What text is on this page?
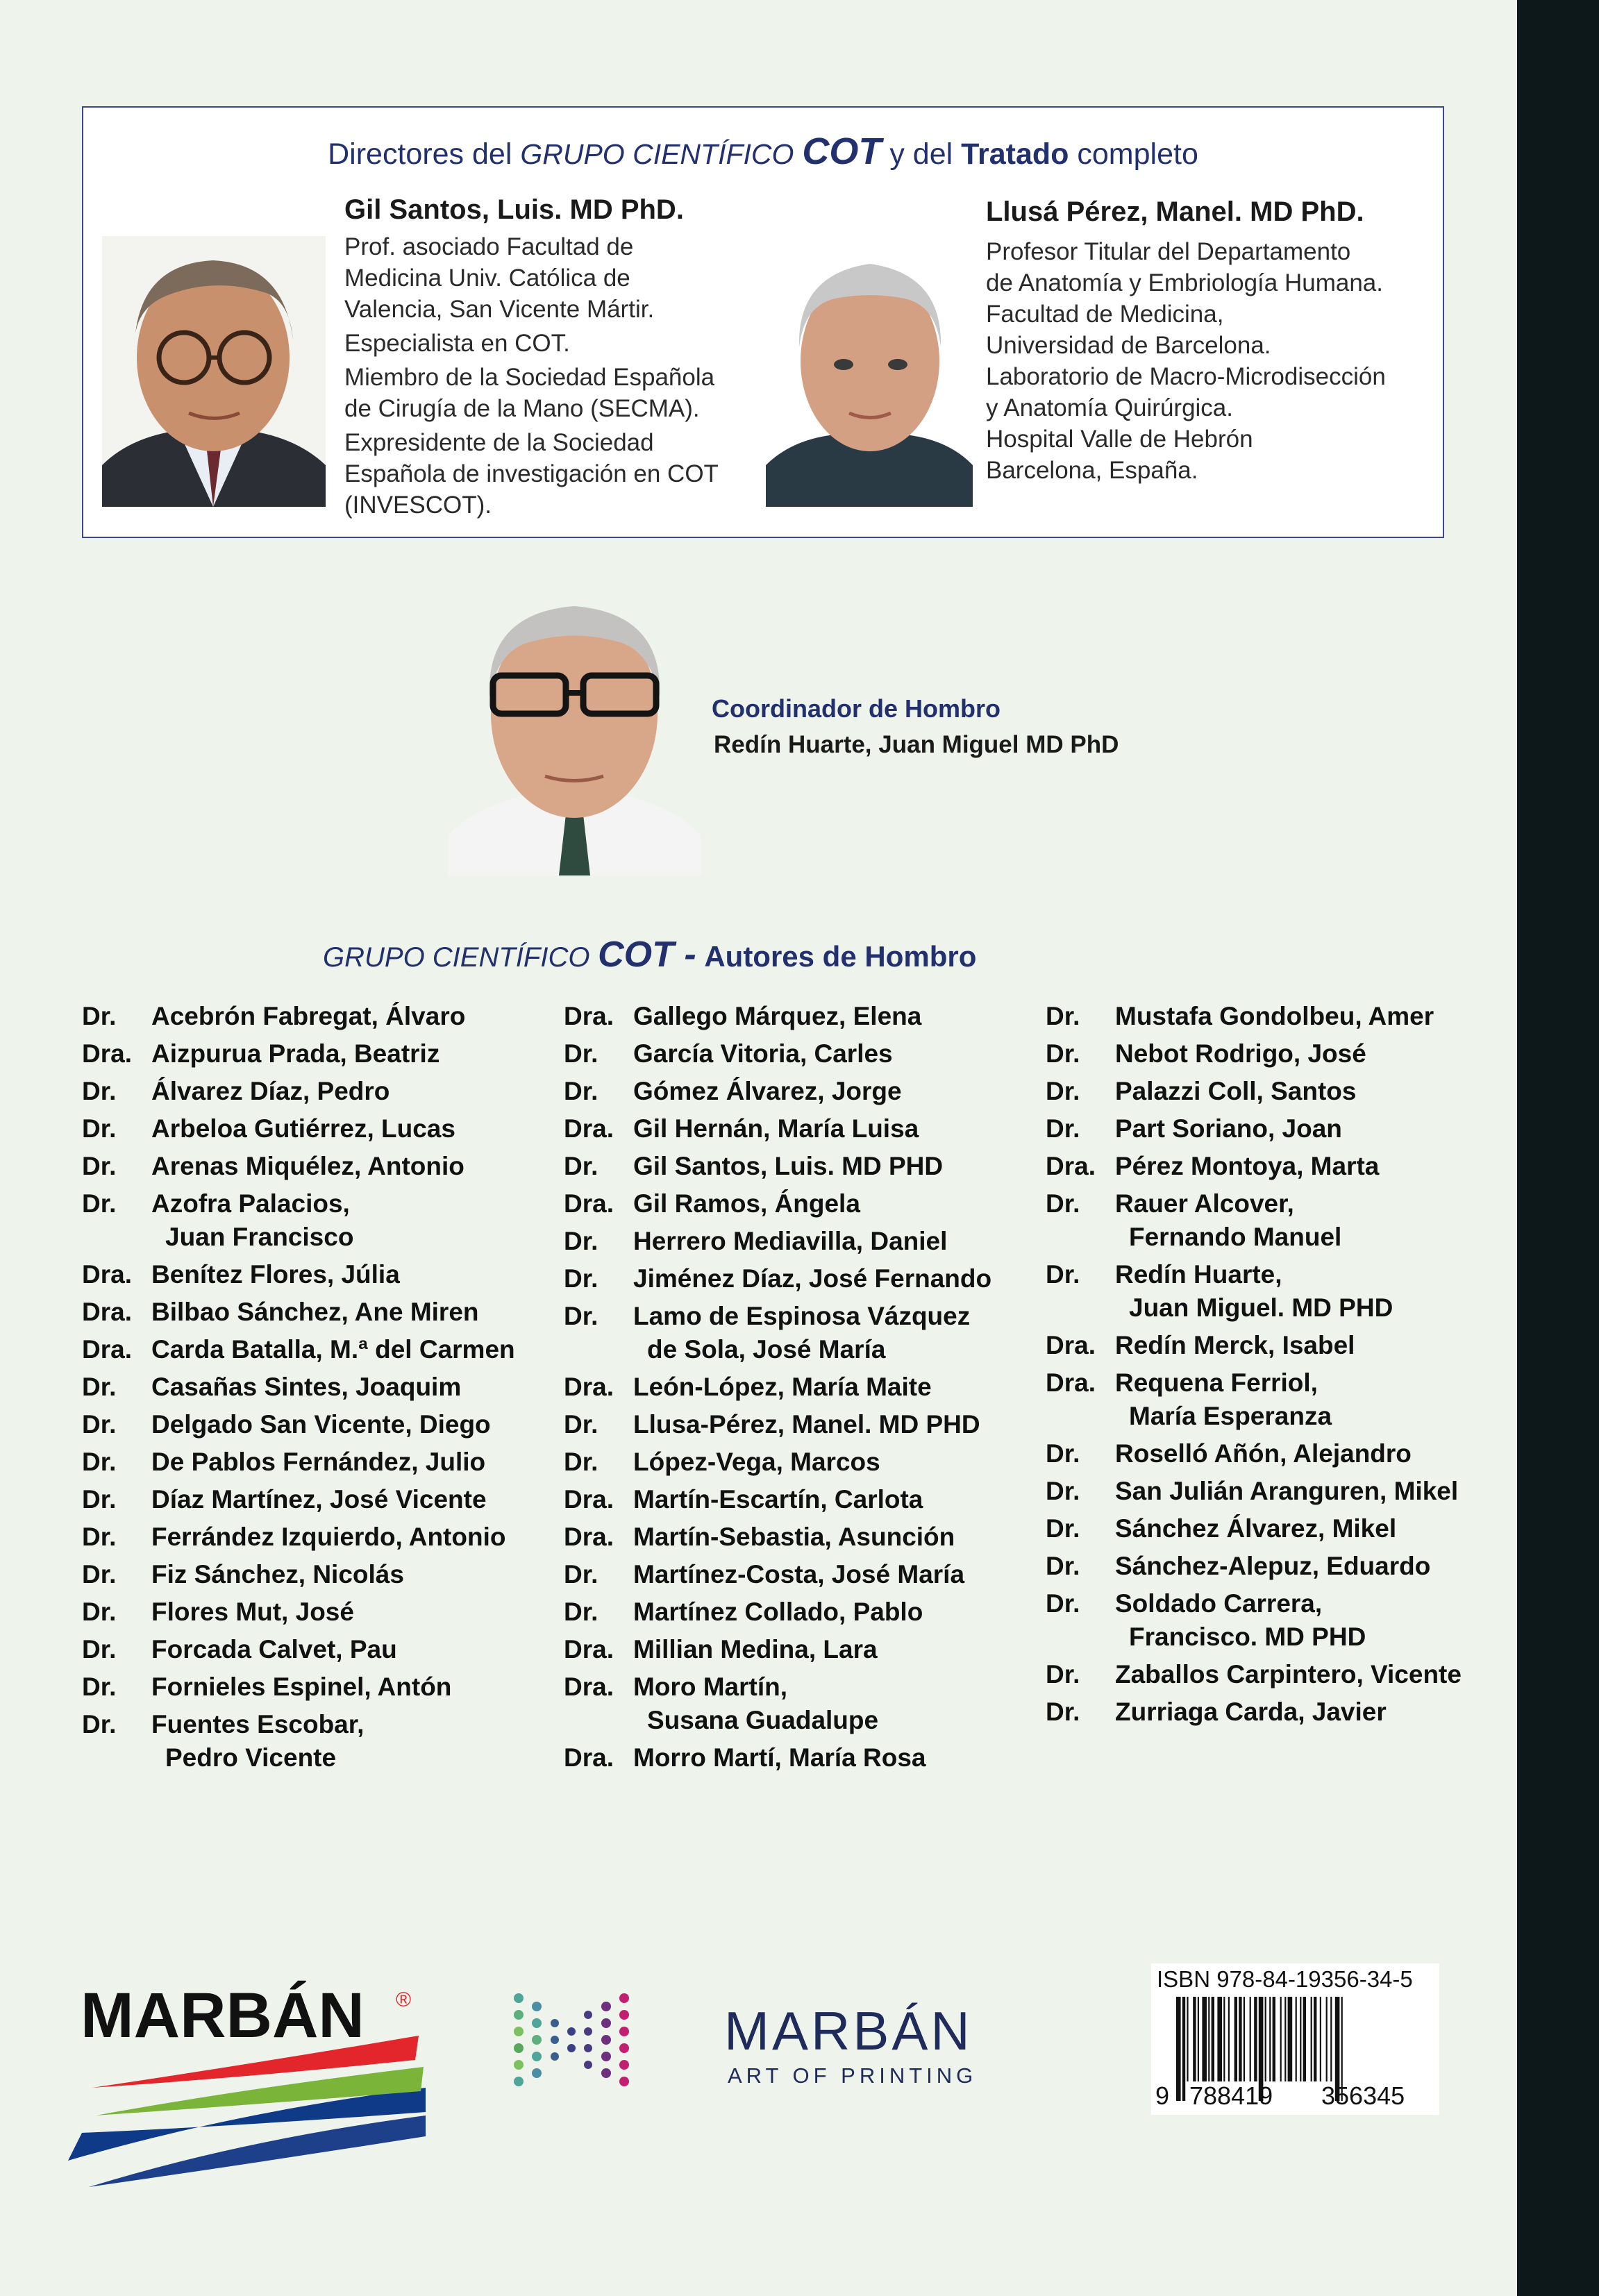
Directores del GRUPO CIENTÍFICO COT y del Tratado completo
Gil Santos, Luis. MD PhD.
Prof. asociado Facultad de
Medicina Univ. Católica de
Valencia, San Vicente Mártir.
Especialista en COT.
Miembro de la Sociedad Española
de Cirugía de la Mano (SECMA).
Expresidente de la Sociedad
Española de investigación en COT
(INVESCOT).
Llusá Pérez, Manel. MD PhD.
Profesor Titular del Departamento
de Anatomía y Embriología Humana.
Facultad de Medicina,
Universidad de Barcelona.
Laboratorio de Macro-Microdisección
y Anatomía Quirúrgica.
Hospital Valle de Hebrón
Barcelona, España.
Coordinador de Hombro
Redín Huarte, Juan Miguel MD PhD
GRUPO CIENTÍFICO COT - Autores de Hombro
Dr.	Acebrón Fabregat, Álvaro
Dra. Aizpurua Prada, Beatriz
Dr.	Álvarez Díaz, Pedro
Dr.	Arbeloa Gutiérrez, Lucas
Dr.	Arenas Miquélez, Antonio
Dr.	Azofra Palacios,
Juan Francisco
Dra. Benítez Flores, Júlia
Dra. Bilbao Sánchez, Ane Miren
Dra. Carda Batalla, M.ª del Carmen
Dr.	Casañas Sintes, Joaquim
Dr.	Delgado San Vicente, Diego
Dr.	De Pablos Fernández, Julio
Dr.	Díaz Martínez, José Vicente
Dr.	Ferrández Izquierdo, Antonio
Dr.	Fiz Sánchez, Nicolás
Dr.	Flores Mut, José
Dr.	Forcada Calvet, Pau
Dr.	Fornieles Espinel, Antón
Dr.	Fuentes Escobar,
Pedro Vicente
Dra. Gallego Márquez, Elena
Dr.	García Vitoria, Carles
Dr.	Gómez Álvarez, Jorge
Dra. Gil Hernán, María Luisa
Dr.	Gil Santos, Luis. MD PHD
Dra. Gil Ramos, Ángela
Dr.	Herrero Mediavilla, Daniel
Dr.	Jiménez Díaz, José Fernando
Dr.	Lamo de Espinosa Vázquez
de Sola, José María
Dra. León-López, María Maite
Dr.	Llusa-Pérez, Manel. MD PHD
Dr.	López-Vega, Marcos
Dra. Martín-Escartín, Carlota
Dra. Martín-Sebastia, Asunción
Dr.	Martínez-Costa, José María
Dr.	Martínez Collado, Pablo
Dra. Millian Medina, Lara
Dra. Moro Martín,
Susana Guadalupe
Dra. Morro Martí, María Rosa
Dr.	Mustafa Gondolbeu, Amer
Dr.	Nebot Rodrigo, José
Dr.	Palazzi Coll, Santos
Dr.	Part Soriano, Joan
Dra. Pérez Montoya, Marta
Dr.	Rauer Alcover,
Fernando Manuel
Dr.	Redín Huarte,
Juan Miguel. MD PHD
Dra. Redín Merck, Isabel
Dra. Requena Ferriol,
María Esperanza
Dr.	Roselló Añón, Alejandro
Dr.	San Julián Aranguren, Mikel
Dr.	Sánchez Álvarez, Mikel
Dr.	Sánchez-Alepuz, Eduardo
Dr.	Soldado Carrera,
Francisco. MD PHD
Dr.	Zaballos Carpintero, Vicente
Dr.	Zurriaga Carda, Javier
MARBÁN ®
MARBÁN
ART OF PRINTING
ISBN 978-84-19356-34-5
9 788419 356345
